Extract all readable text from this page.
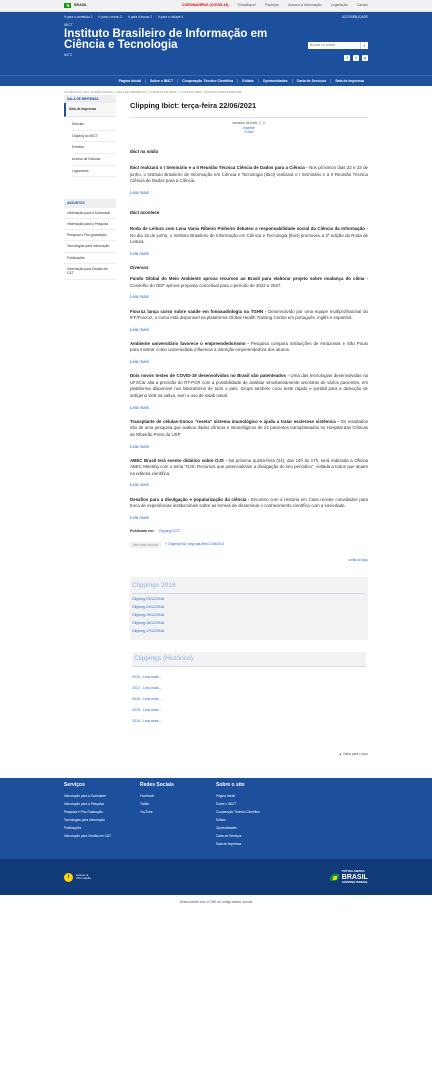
BRASIL	CORONAVÍRUS (COVID-19)	Simplifique!	Participe	Acesso à informação	Legislação	Canais
Ir para o conteúdo 1 Ir para o menu 2 Ir para a busca 3 Ir para o rodapé 4	ACESSIBILIDADE
IBICT
Instituto Brasileiro de Informação em Ciência e Tecnologia
MCTI
Buscar no portal	⌕
f	t	y
Página inicial	Sobre o IBICT	Cooperação Técnico Científica	Editais	Oportunidades	Carta de Serviços	Sala de Imprensa
VOCÊ ESTÁ AQUI: PÁGINA INICIAL > SALA DE IMPRENSA > CLIPPING DO IBICT > CLIPPING IBICT: QUARTA-FEIRA 23/06/2021
SALA DE IMPRENSA
Sala de Imprensa
Notícias
Clipping do IBICT
Eventos
Acesso de Notícias
Logomarca
ASSUNTOS
Informação para a Sociedade
Informação para a Pesquisa
Pesquisa e Pós-graduação
Tecnologias para Informação
Publicações
Informação para Gestão em C&T
Clipping Ibict: terça-feira 22/06/2021
tamanho da fonte Ⓐ Ⓐ
Imprimir
E-mail
Ibict na mídia

Ibict realizará o I Seminário e a II Reunião Técnica Ciência de Dados para a Ciência - Nos próximos dias 22 e 23 de junho, o Instituto Brasileiro de Informação em Ciência e Tecnologia (Ibict) realizará o I Seminário e a II Reunião Técnica Ciência de Dados para a Ciência.

Leia mais
Ibict acontece

Roda de Leitura com Lena Vania Ribeiro Pinheiro debateu a responsabilidade social da Ciência da Informação - No dia 15 de junho, o Instituto Brasileiro de Informação em Ciência e Tecnologia (Ibict) promoveu a 2ª edição da Roda de Leitura.

Leia mais
Diversos

Fundo Global do Meio Ambiente aprova recursos ao Brasil para elaborar projeto sobre mudança do clima - Conselho do GEF aprova proposta conceitual para o período de 2022 a 2027.

Leia mais

Fiocruz lança curso sobre saúde em fonoaudiologia na TGHN - Desenvolvido por uma equipe multiprofissional do IFF/Fiocruz, o curso está disponível na plataforma Global Health Training Centre em português, inglês e espanhol.

Leia mais

Ambiente universitário favorece o empreendedorismo - Pesquisa compara instituições de Amazonas e São Paulo para mostrar como universidade influencia a intenção empreendedora dos alunos.

Leia mais

Dois novos testes de COVID-19 desenvolvidos no Brasil são patenteados - Uma das tecnologias desenvolvidas na UFSCar alia a precisão do RT-PCR com a possibilidade de analisar simultaneamente amostras de vários pacientes, em plataforma disponível nos laboratórios de todo o país. Grupo também criou teste rápido e portátil para a detecção de antígeno viral na saliva, sem o uso de swab nasal.

Leia mais

Transplante de células-tronco “reseta” sistema imunológico e ajuda a tratar esclerose sistêmica - Os resultados são de uma pesquisa que avaliou dados clínicos e imunológicos de 22 pacientes transplantados no Hospital das Clínicas de Ribeirão Preto da USP

Leia mais

ABEC Brasil terá evento didático sobre OJS - Na próxima quinta-feira (24), das 14h às 17h, será realizada a Oficina ABEC Meeting com o tema “OJS: Recursos que potencializam a divulgação do seu periódico”, voltada a todos que atuam na editoria científica.

Leia mais

Desafios para a divulgação e popularização da ciência - Encontro com a História em Casa recebe convidados para troca de experiências institucionais sobre as formas de disseminar o conhecimento científico com a sociedade.

Leia mais
Publicado em: Clipping CGT
Item mais recente	« Clipping Ibict: segunda-feira 21/06/2021
voltar ao topo
Clippings 2018
Clipping 21/12/2018
Clipping 24/12/2018
Clipping 19/12/2018
Clipping 18/12/2018
Clipping 17/12/2018
Clippings (Histórico)
2019 - Leia mais...
2017 - Leia mais...
2016 - Leia mais...
2015 - Leia mais...
2014 - Leia mais...
▲ Voltar para o topo
Serviços
Informação para a Sociedade
Informação para a Pesquisa
Pesquisa e Pós-Graduação
Tecnologias para Informação
Publicações
Informação para Gestão em C&T
Redes Sociais
Facebook
Twitter
YouTube
Sobre o site
Página Inicial
Sobre o IBICT
Cooperação Técnico-Científica
Editais
Oportunidades
Carta de Serviços
Sala de Imprensa
i	Acesso à Informação
PÁTRIA AMADA
BRASIL
GOVERNO FEDERAL
Desenvolvido com o CMS de código aberto Joomla
